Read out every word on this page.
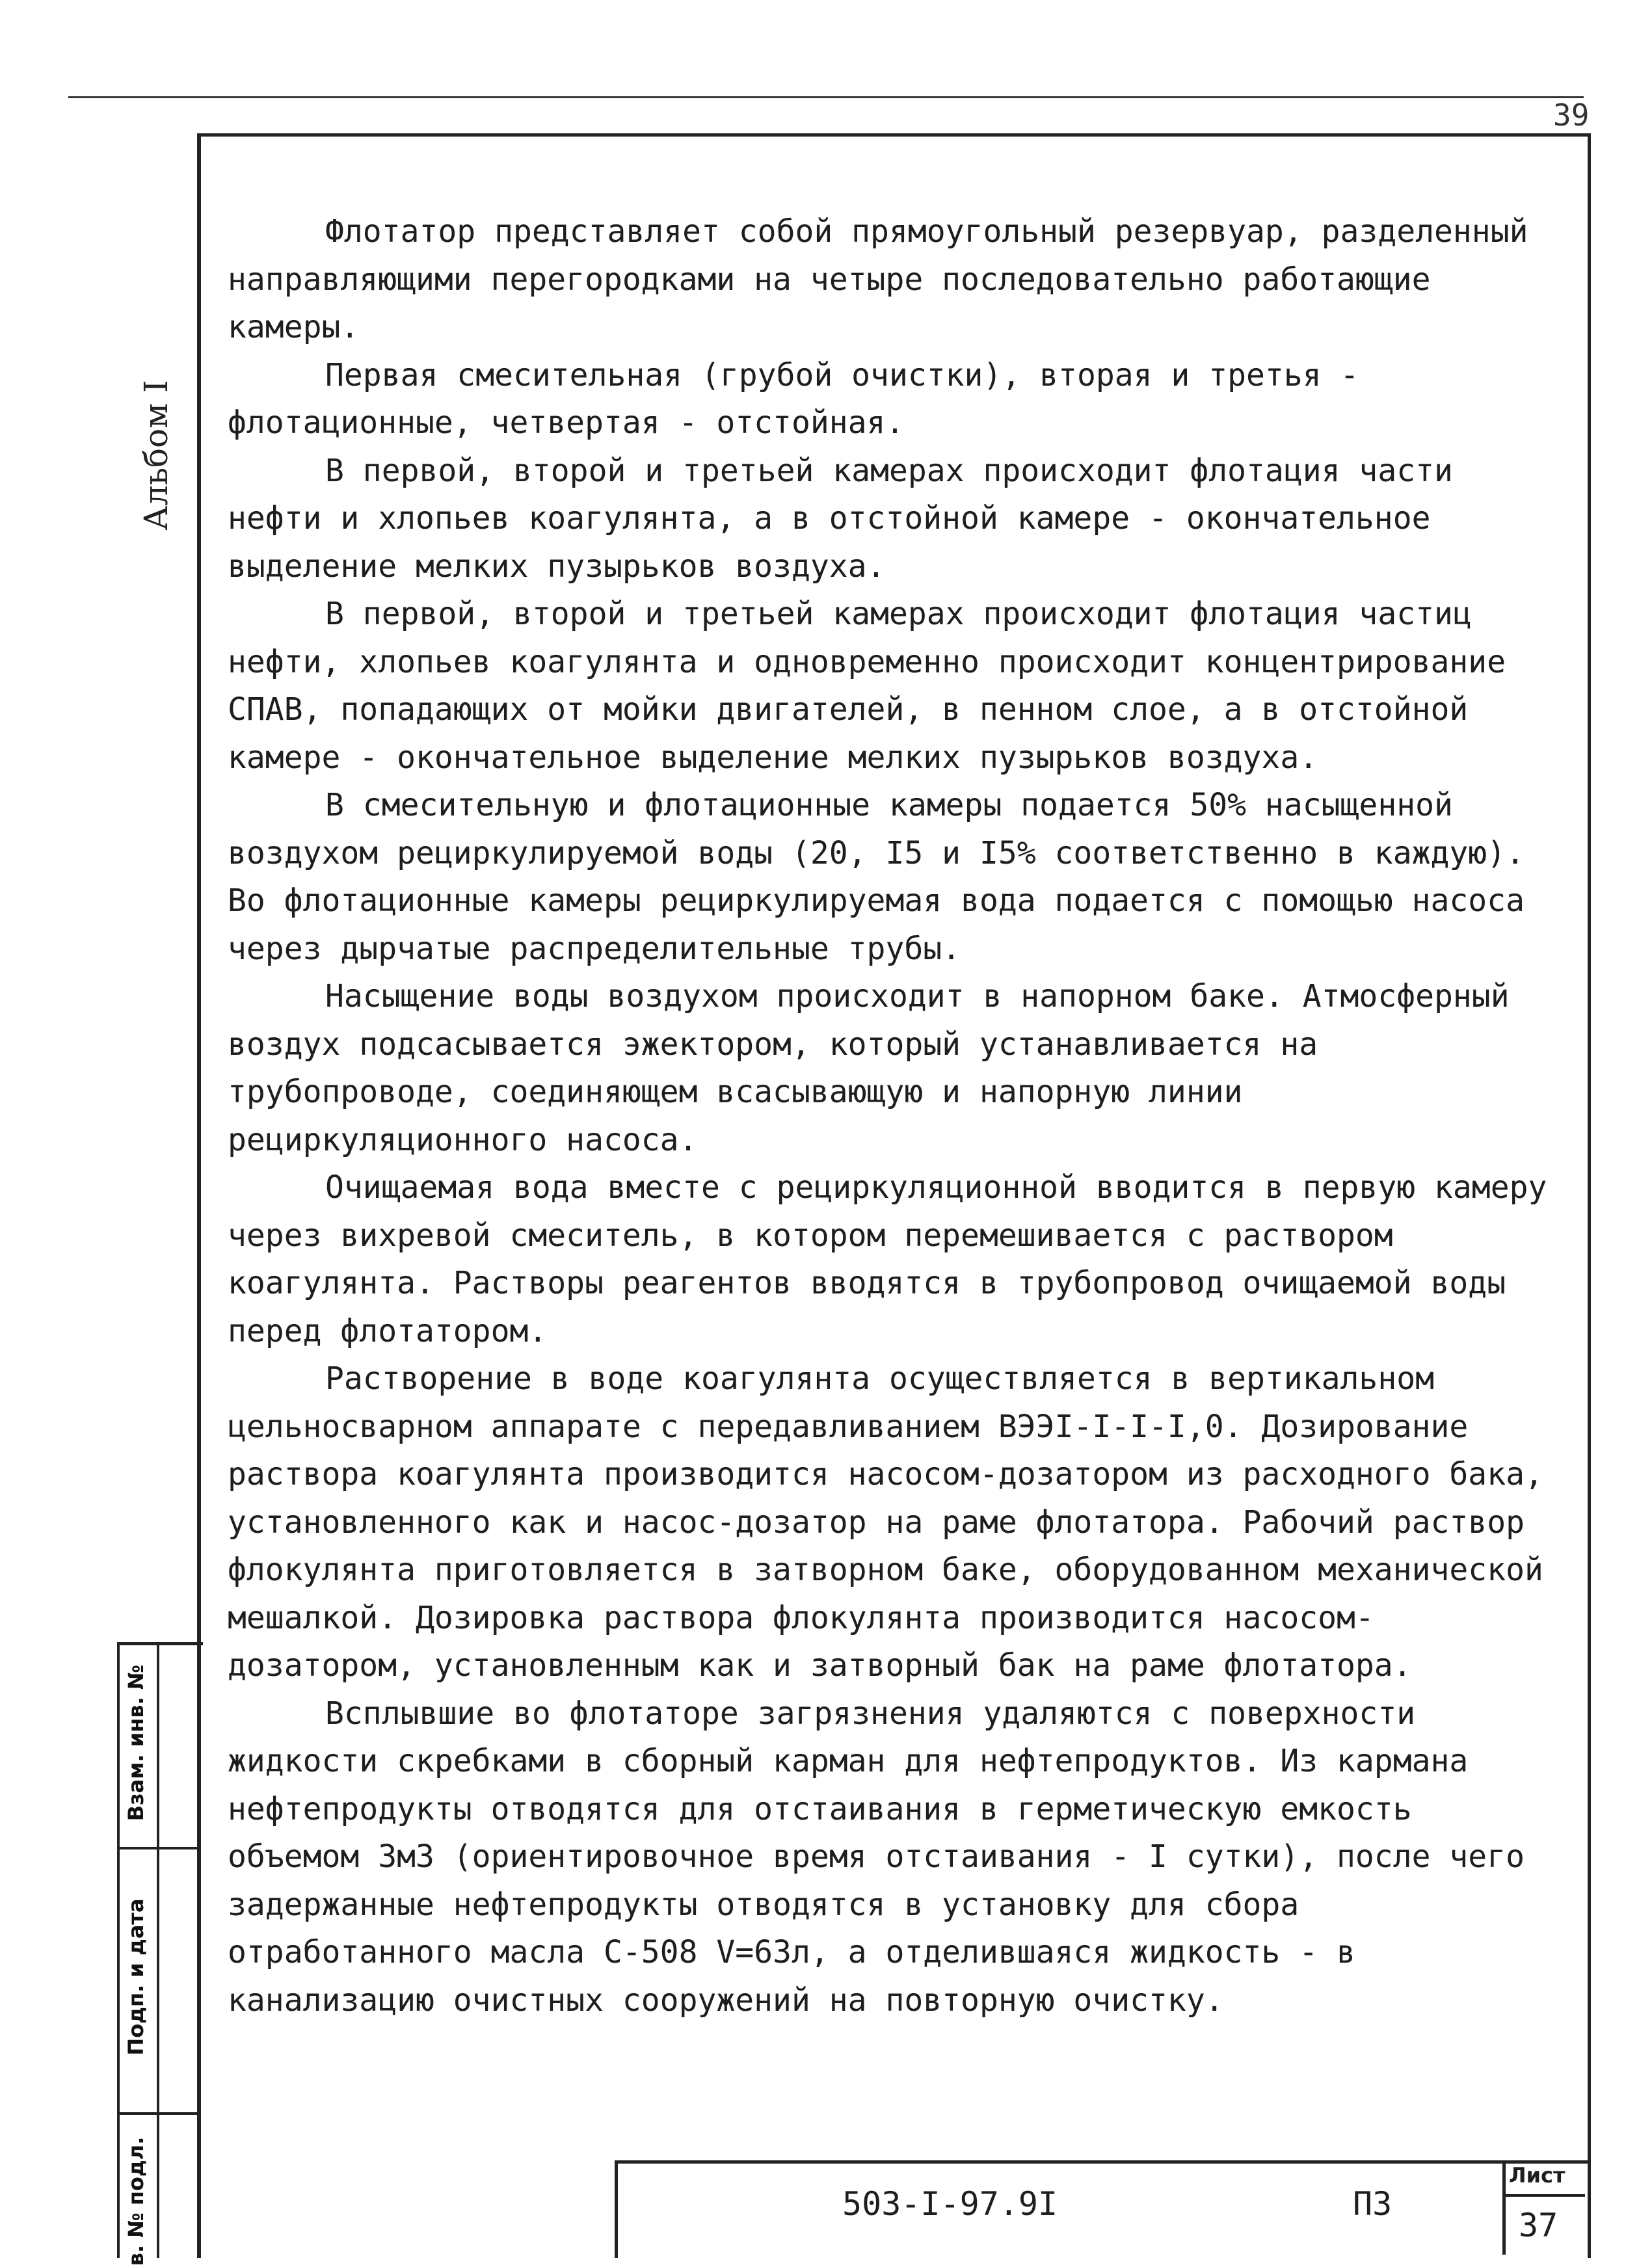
39
Альбом I

Флотатор представляет собой прямоугольный резервуар, разделенный направляющими перегородками на четыре последовательно работающие камеры.

Первая смесительная (грубой очистки), вторая и третья - флотационные, четвертая - отстойная.

В первой, второй и третьей камерах происходит флотация части нефти и хлопьев коагулянта, а в отстойной камере - окончательное выделение мелких пузырьков воздуха.

В первой, второй и третьей камерах происходит флотация частиц нефти, хлопьев коагулянта и одновременно происходит концентрирование СПАВ, попадающих от мойки двигателей, в пенном слое, а в отстойной камере - окончательное выделение мелких пузырьков воздуха.

В смесительную и флотационные камеры подается 50% насыщенной воздухом рециркулируемой воды (20, I5 и I5% соответственно в каждую). Во флотационные камеры рециркулируемая вода подается с помощью насоса через дырчатые распределительные трубы.

Насыщение воды воздухом происходит в напорном баке. Атмосферный воздух подсасывается эжектором, который устанавливается на трубопроводе, соединяющем всасывающую и напорную линии рециркуляционного насоса.

Очищаемая вода вместе с рециркуляционной вводится в первую камеру через вихревой смеситель, в котором перемешивается с раствором коагулянта. Растворы реагентов вводятся в трубопровод очищаемой воды перед флотатором.

Растворение в воде коагулянта осуществляется в вертикальном цельносварном аппарате с передавливанием ВЭЭI-I-I-I,0. Дозирование раствора коагулянта производится насосом-дозатором из расходного бака, установленного как и насос-дозатор на раме флотатора. Рабочий раствор флокулянта приготовляется в затворном баке, оборудованном механической мешалкой. Дозировка раствора флокулянта производится насосом-дозатором, установленным как и затворный бак на раме флотатора.

Всплывшие во флотаторе загрязнения удаляются с поверхности жидкости скребками в сборный карман для нефтепродуктов. Из кармана нефтепродукты отводятся для отстаивания в герметическую емкость объемом 3м3 (ориентировочное время отстаивания - I сутки), после чего задержанные нефтепродукты отводятся в установку для сбора отработанного масла С-508 V=63л, а отделившаяся жидкость - в канализацию очистных сооружений на повторную очистку.

Взам. инв. №
Подп. и дата
в. № подл.	503-I-97.9I	ПЗ
Лист
37
